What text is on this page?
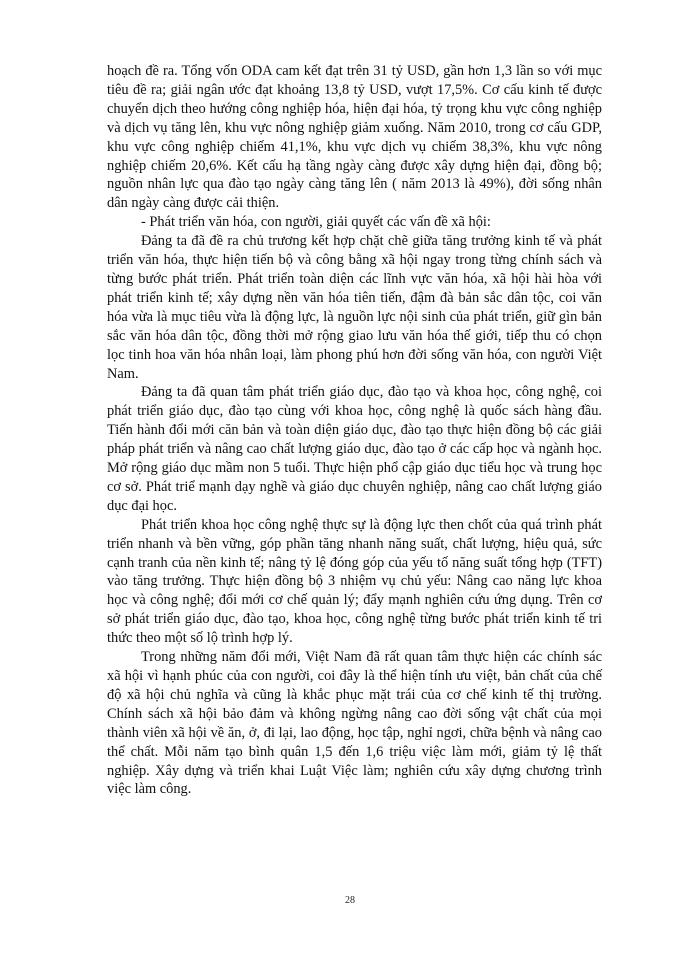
hoạch đề ra. Tổng vốn ODA cam kết đạt trên 31 tỷ USD, gần hơn 1,3 lần so với mục tiêu đề ra; giải ngân ước đạt khoảng 13,8 tỷ USD, vượt 17,5%. Cơ cấu kinh tế được chuyển dịch theo hướng công nghiệp hóa, hiện đại hóa, tỷ trọng khu vực công nghiệp và dịch vụ tăng lên, khu vực nông nghiệp giảm xuống. Năm 2010, trong cơ cấu GDP, khu vực công nghiệp chiếm 41,1%, khu vực dịch vụ chiếm 38,3%, khu vực nông nghiệp chiếm 20,6%. Kết cấu hạ tầng ngày càng được xây dựng hiện đại, đồng bộ; nguồn nhân lực qua đào tạo ngày càng tăng lên ( năm 2013 là 49%), đời sống nhân dân ngày càng được cải thiện.

- Phát triển văn hóa, con người, giải quyết các vấn đề xã hội:

Đảng ta đã đề ra chủ trương kết hợp chặt chẽ giữa tăng trưởng kinh tế và phát triển văn hóa, thực hiện tiến bộ và công bằng xã hội ngay trong từng chính sách và từng bước phát triển. Phát triển toàn diện các lĩnh vực văn hóa, xã hội hài hòa với phát triển kinh tế; xây dựng nền văn hóa tiên tiến, đậm đà bản sắc dân tộc, coi văn hóa vừa là mục tiêu vừa là động lực, là nguồn lực nội sinh của phát triển, giữ gìn bản sắc văn hóa dân tộc, đồng thời mở rộng giao lưu văn hóa thế giới, tiếp thu có chọn lọc tinh hoa văn hóa nhân loại, làm phong phú hơn đời sống văn hóa, con người Việt Nam.

Đảng ta đã quan tâm phát triển giáo dục, đào tạo và khoa học, công nghệ, coi phát triển giáo dục, đào tạo cùng với khoa học, công nghệ là quốc sách hàng đầu. Tiến hành đổi mới căn bản và toàn diện giáo dục, đào tạo thực hiện đồng bộ các giải pháp phát triển và nâng cao chất lượng giáo dục, đào tạo ở các cấp học và ngành học. Mở rộng giáo dục mầm non 5 tuổi. Thực hiện phổ cập giáo dục tiểu học và trung học cơ sở. Phát triể mạnh dạy nghề và giáo dục chuyên nghiệp, nâng cao chất lượng giáo dục đại học.

Phát triển khoa học công nghệ thực sự là động lực then chốt của quá trình phát triển nhanh và bền vững, góp phần tăng nhanh năng suất, chất lượng, hiệu quả, sức cạnh tranh của nền kinh tế; nâng tỷ lệ đóng góp của yếu tố năng suất tổng hợp (TFT) vào tăng trưởng. Thực hiện đồng bộ 3 nhiệm vụ chủ yếu: Nâng cao năng lực khoa học và công nghệ; đổi mới cơ chế quản lý; đẩy mạnh nghiên cứu ứng dụng. Trên cơ sở phát triển giáo dục, đào tạo, khoa học, công nghệ từng bước phát triển kinh tế tri thức theo một số lộ trình hợp lý.

Trong những năm đổi mới, Việt Nam đã rất quan tâm thực hiện các chính sác xã hội vì hạnh phúc của con người, coi đây là thể hiện tính ưu việt, bản chất của chế độ xã hội chủ nghĩa và cũng là khắc phục mặt trái của cơ chế kinh tế thị trường. Chính sách xã hội bảo đảm và không ngừng nâng cao đời sống vật chất của mọi thành viên xã hội về ăn, ở, đi lại, lao động, học tập, nghỉ ngơi, chữa bệnh và nâng cao thể chất. Mỗi năm tạo bình quân 1,5 đến 1,6 triệu việc làm mới, giảm tỷ lệ thất nghiệp. Xây dựng và triển khai Luật Việc làm; nghiên cứu xây dựng chương trình việc làm công.

28
